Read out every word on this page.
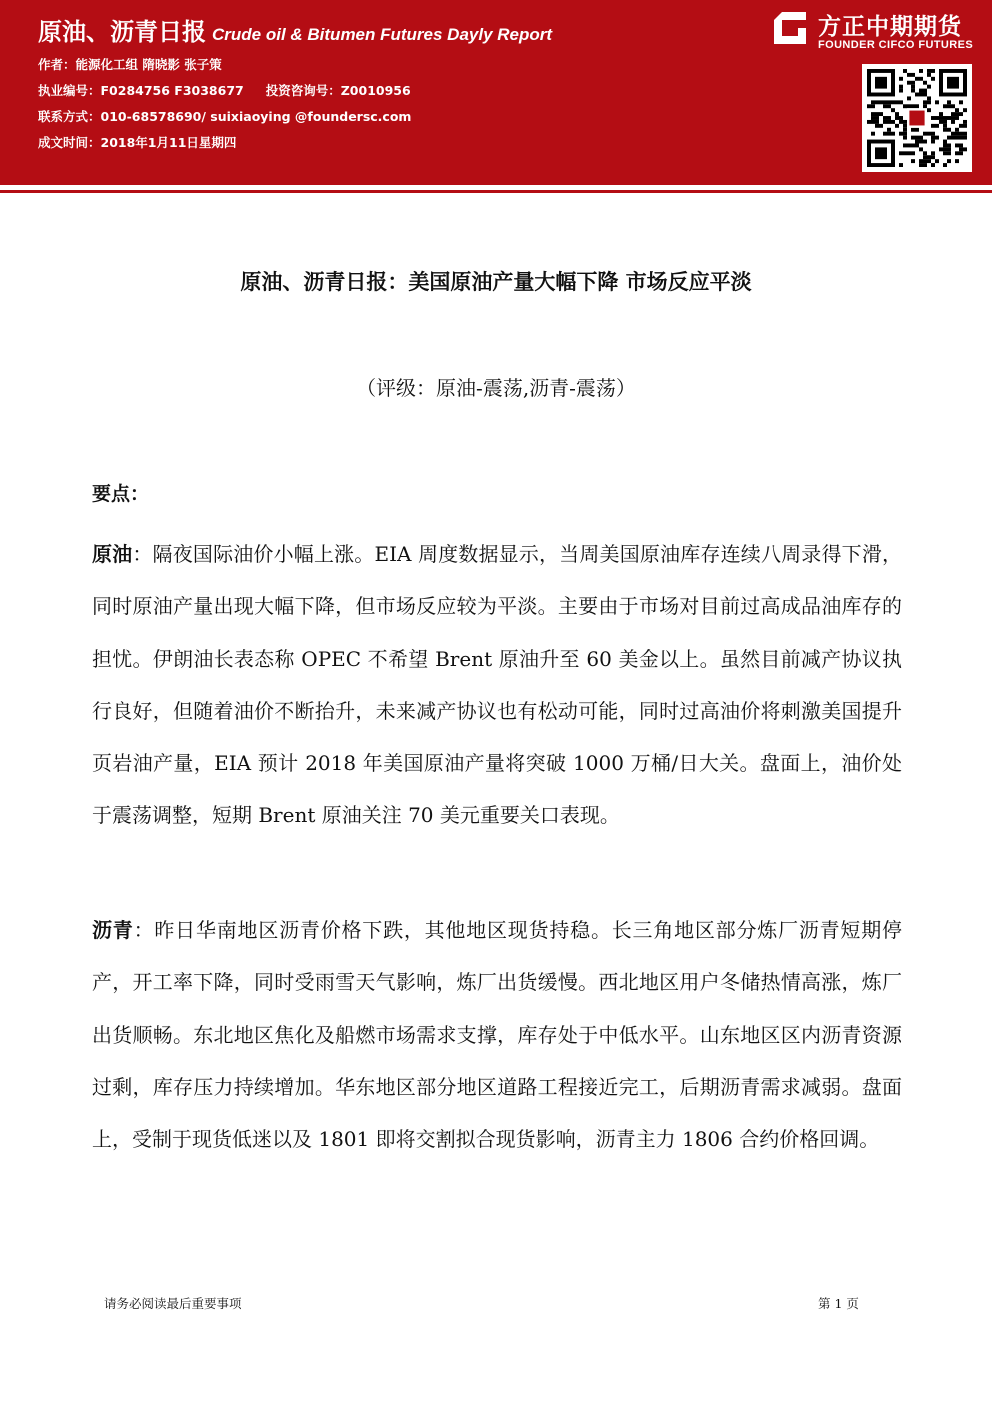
原油、沥青日报 Crude oil & Bitumen Futures Dayly Report
作者：能源化工组 隋晓影 张子策
执业编号：F0284756 F3038677 投资咨询号：Z0010956
联系方式：010-68578690/ suixiaoying @foundersc.com
成文时间：2018年1月11日星期四
方正中期期货
FOUNDER CIFCO FUTURES
原油、沥青日报：美国原油产量大幅下降 市场反应平淡
（评级：原油-震荡,沥青-震荡）
要点：

原油：隔夜国际油价小幅上涨。EIA 周度数据显示，当周美国原油库存连续八周录得下滑，同时原油产量出现大幅下降，但市场反应较为平淡。主要由于市场对目前过高成品油库存的担忧。伊朗油长表态称 OPEC 不希望 Brent 原油升至 60 美金以上。虽然目前减产协议执行良好，但随着油价不断抬升，未来减产协议也有松动可能，同时过高油价将刺激美国提升页岩油产量，EIA 预计 2018 年美国原油产量将突破 1000 万桶/日大关。盘面上，油价处于震荡调整，短期 Brent 原油关注 70 美元重要关口表现。

沥青：昨日华南地区沥青价格下跌，其他地区现货持稳。长三角地区部分炼厂沥青短期停产，开工率下降，同时受雨雪天气影响，炼厂出货缓慢。西北地区用户冬储热情高涨，炼厂出货顺畅。东北地区焦化及船燃市场需求支撑，库存处于中低水平。山东地区区内沥青资源过剩，库存压力持续增加。华东地区部分地区道路工程接近完工，后期沥青需求减弱。盘面上，受制于现货低迷以及 1801 即将交割拟合现货影响，沥青主力 1806 合约价格回调。

请务必阅读最后重要事项	第 1 页
